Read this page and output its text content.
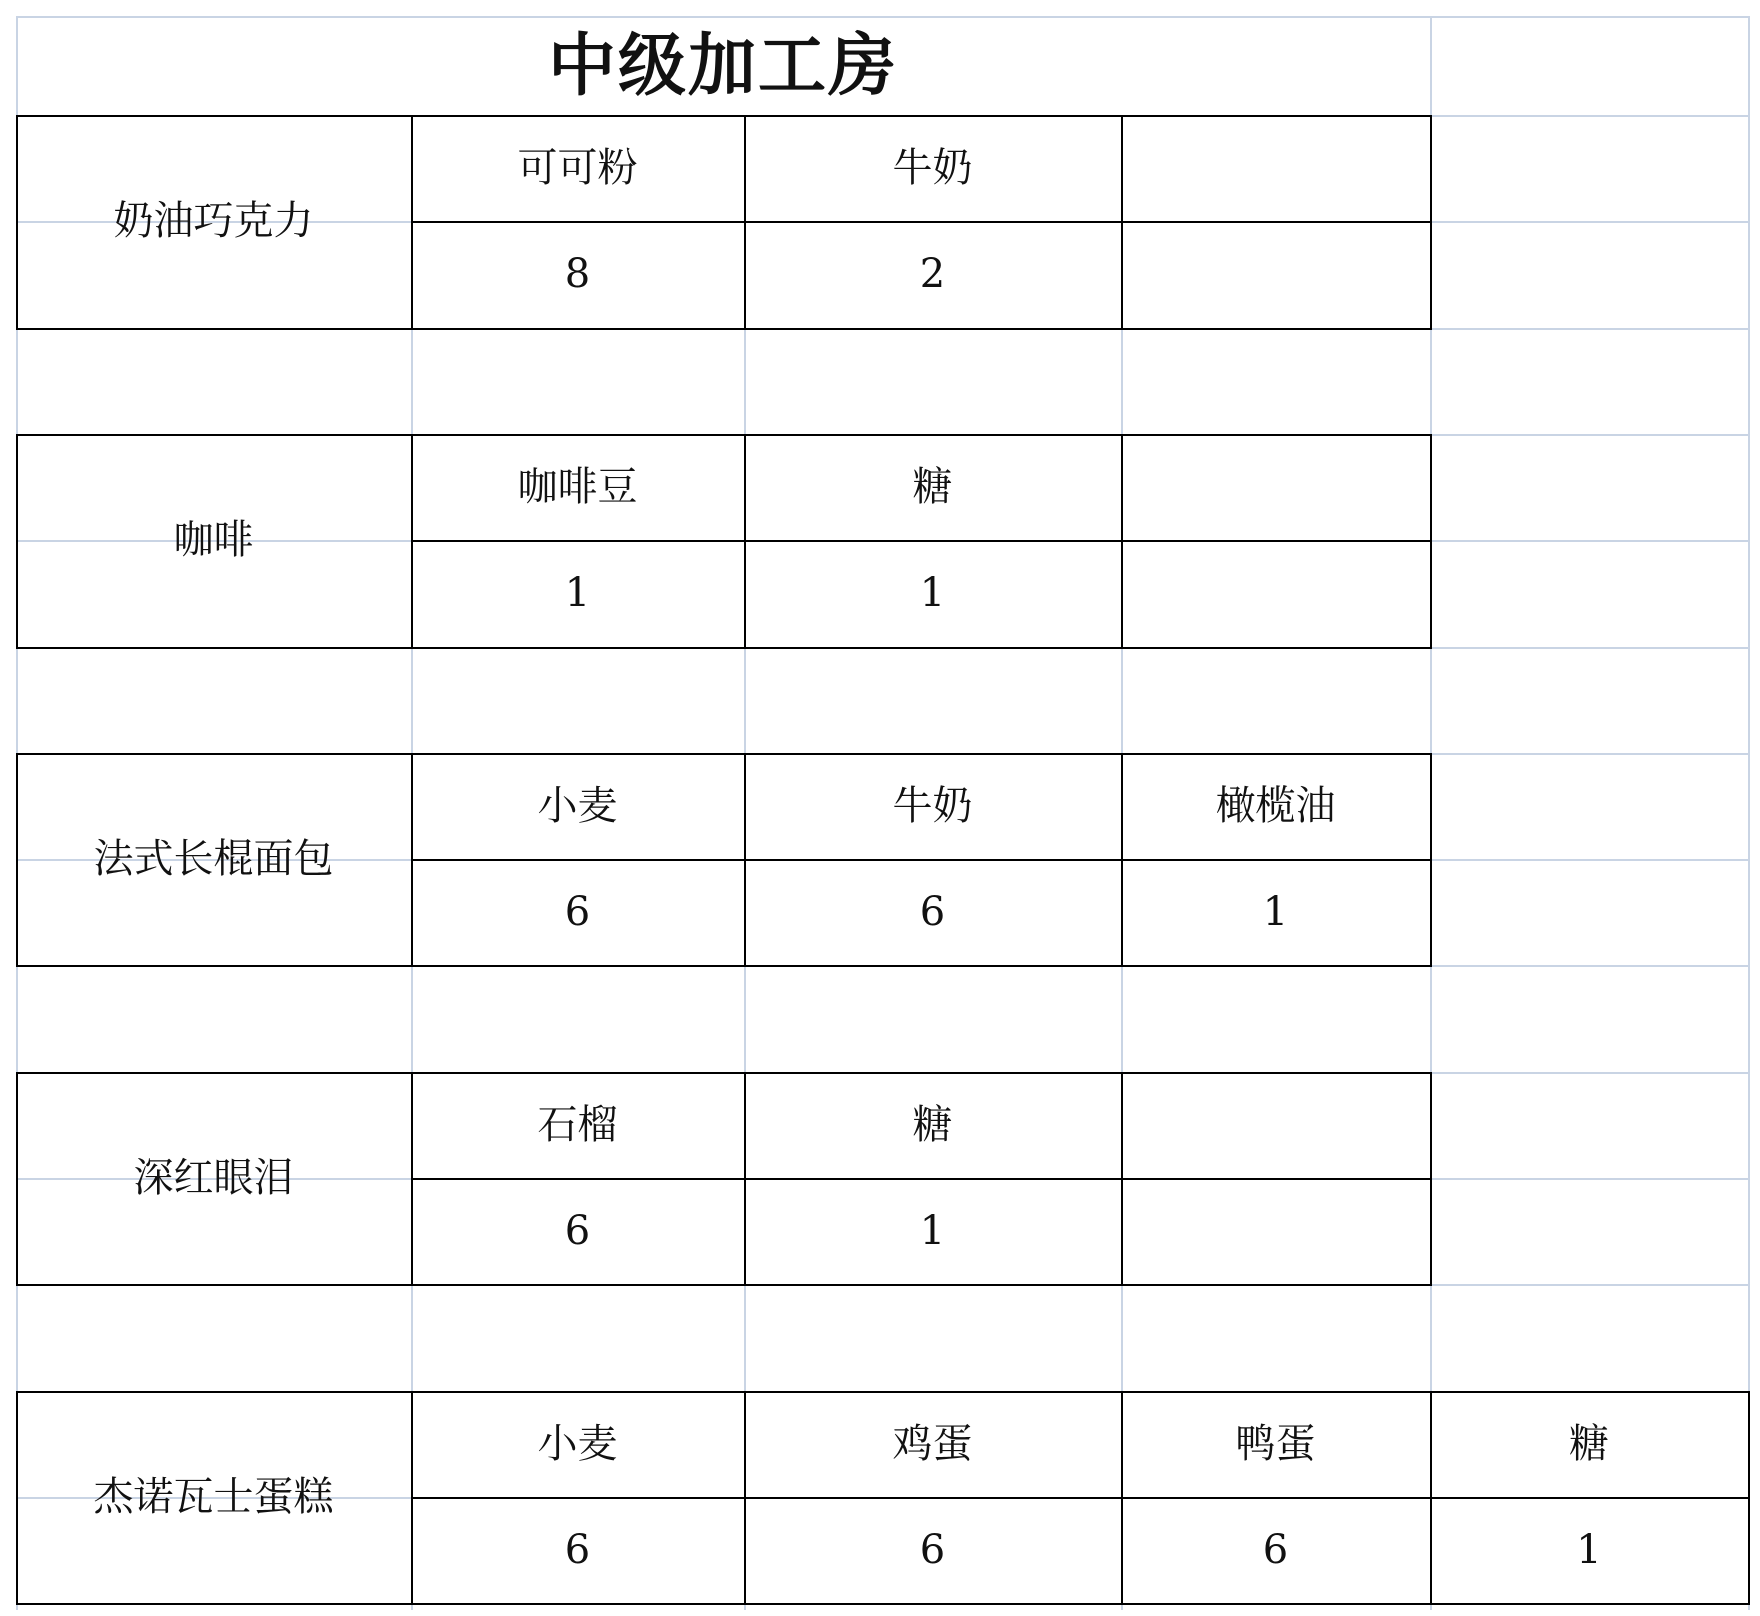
中级加工房
奶油巧克力
可可粉
8
牛奶
2
咖啡
咖啡豆
1
糖
1
法式长棍面包
小麦
6
牛奶
6
橄榄油
1
深红眼泪
石榴
6
糖
1
杰诺瓦士蛋糕
小麦
6
鸡蛋
6
鸭蛋
6
糖
1
